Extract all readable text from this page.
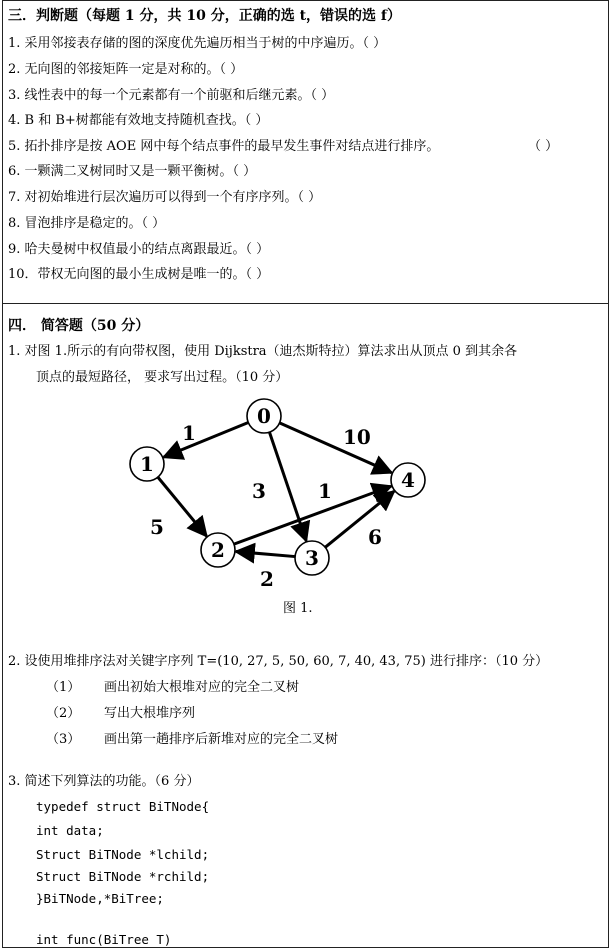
三．判断题（每题 1 分，共 10 分，正确的选 t，错误的选 f）
1. 采用邻接表存储的图的深度优先遍历相当于树的中序遍历。（ ）
2. 无向图的邻接矩阵一定是对称的。（ ）
3. 线性表中的每一个元素都有一个前驱和后继元素。（ ）
4. B 和 B+树都能有效地支持随机查找。（ ）
5. 拓扑排序是按 AOE 网中每个结点事件的最早发生事件对结点进行排序。	（ ）
6. 一颗满二叉树同时又是一颗平衡树。（ ）
7. 对初始堆进行层次遍历可以得到一个有序序列。（ ）
8. 冒泡排序是稳定的。（ ）
9. 哈夫曼树中权值最小的结点离跟最近。（ ）
10．带权无向图的最小生成树是唯一的。（ ）
四． 简答题（50 分）
1. 对图 1.所示的有向带权图，使用 Dijkstra（迪杰斯特拉）算法求出从顶点 0 到其余各
顶点的最短路径， 要求写出过程。（10 分）
0
1
2	3
4
1	10
3
5
1
2
6
图 1.
2. 设使用堆排序法对关键字序列 T=(10, 27, 5, 50, 60, 7, 40, 43, 75) 进行排序：（10 分）
（1） 画出初始大根堆对应的完全二叉树
（2） 写出大根堆序列
（3） 画出第一趟排序后新堆对应的完全二叉树
3. 简述下列算法的功能。（6 分）
typedef struct BiTNode{
int data;
Struct BiTNode *lchild;
Struct BiTNode *rchild;
}BiTNode,*BiTree;
int func(BiTree T)
